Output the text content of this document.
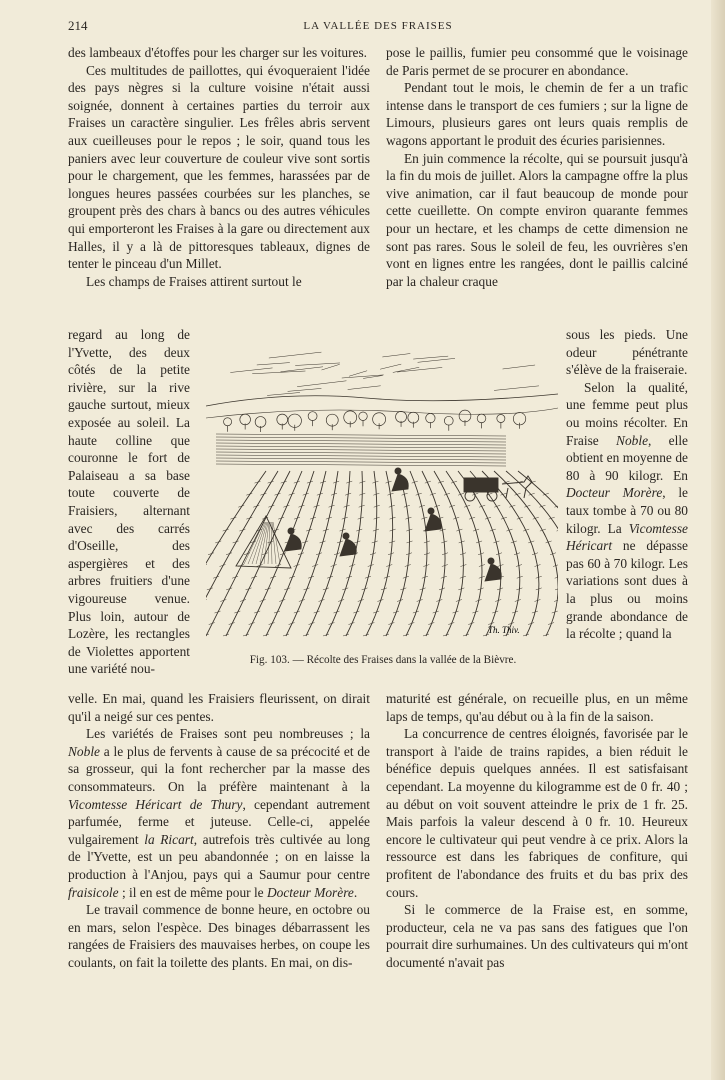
214	LA VALLÉE DES FRAISES

des lambeaux d'étoffes pour les charger sur les voitures.

Ces multitudes de paillottes, qui évoqueraient l'idée des pays nègres si la culture voisine n'était aussi soignée, donnent à certaines parties du terroir aux Fraises un caractère singulier. Les frêles abris servent aux cueilleuses pour le repos ; le soir, quand tous les paniers avec leur couverture de couleur vive sont sortis pour le chargement, que les femmes, harassées par de longues heures passées courbées sur les planches, se groupent près des chars à bancs ou des autres véhicules qui emporteront les Fraises à la gare ou directement aux Halles, il y a là de pittoresques tableaux, dignes de tenter le pinceau d'un Millet.

Les champs de Fraises attirent surtout le

regard au long de l'Yvette, des deux côtés de la petite rivière, sur la rive gauche surtout, mieux exposée au soleil. La haute colline que couronne le fort de Palaiseau a sa base toute couverte de Fraisiers, alternant avec des carrés d'Oseille, des aspergières et des arbres fruitiers d'une vigoureuse venue. Plus loin, autour de Lozère, les rectangles de Violettes apportent une variété nou-

velle. En mai, quand les Fraisiers fleurissent, on dirait qu'il a neigé sur ces pentes.

Les variétés de Fraises sont peu nombreuses ; la Noble a le plus de fervents à cause de sa précocité et de sa grosseur, qui la font rechercher par la masse des consommateurs. On la préfère maintenant à la Vicomtesse Héricart de Thury, cependant autrement parfumée, ferme et juteuse. Celle-ci, appelée vulgairement la Ricart, autrefois très cultivée au long de l'Yvette, est un peu abandonnée ; on en laisse la production à l'Anjou, pays qui a Saumur pour centre fraisicole ; il en est de même pour le Docteur Morère.

Le travail commence de bonne heure, en octobre ou en mars, selon l'espèce. Des binages débarrassent les rangées de Fraisiers des mauvaises herbes, on coupe les coulants, on fait la toilette des plants. En mai, on dis-

pose le paillis, fumier peu consommé que le voisinage de Paris permet de se procurer en abondance.

Pendant tout le mois, le chemin de fer a un trafic intense dans le transport de ces fumiers ; sur la ligne de Limours, plusieurs gares ont leurs quais remplis de wagons apportant le produit des écuries parisiennes.

En juin commence la récolte, qui se poursuit jusqu'à la fin du mois de juillet. Alors la campagne offre la plus vive animation, car il faut beaucoup de monde pour cette cueillette. On compte environ quarante femmes pour un hectare, et les champs de cette dimension ne sont pas rares. Sous le soleil de feu, les ouvrières s'en vont en lignes entre les rangées, dont le paillis calciné par la chaleur craque

sous les pieds. Une odeur pénétrante s'élève de la fraiseraie.

Selon la qualité, une femme peut plus ou moins récolter. En Fraise Noble, elle obtient en moyenne de 80 à 90 kilogr. En Docteur Morère, le taux tombe à 70 ou 80 kilogr. La Vicomtesse Héricart ne dépasse pas 60 à 70 kilogr. Les variations sont dues à la plus ou moins grande abondance de la récolte ; quand la

maturité est générale, on recueille plus, en un même laps de temps, qu'au début ou à la fin de la saison.

La concurrence de centres éloignés, favorisée par le transport à l'aide de trains rapides, a bien réduit le bénéfice depuis quelques années. Il est satisfaisant cependant. La moyenne du kilogramme est de 0 fr. 40 ; au début on voit souvent atteindre le prix de 1 fr. 25. Mais parfois la valeur descend à 0 fr. 10. Heureux encore le cultivateur qui peut vendre à ce prix. Alors la ressource est dans les fabriques de confiture, qui profitent de l'abondance des fruits et du bas prix des cours.

Si le commerce de la Fraise est, en somme, producteur, cela ne va pas sans des fatigues que l'on pourrait dire surhumaines. Un des cultivateurs qui m'ont documenté n'avait pas

Th. Thiv.
Fig. 103. — Récolte des Fraises dans la vallée de la Bièvre.
